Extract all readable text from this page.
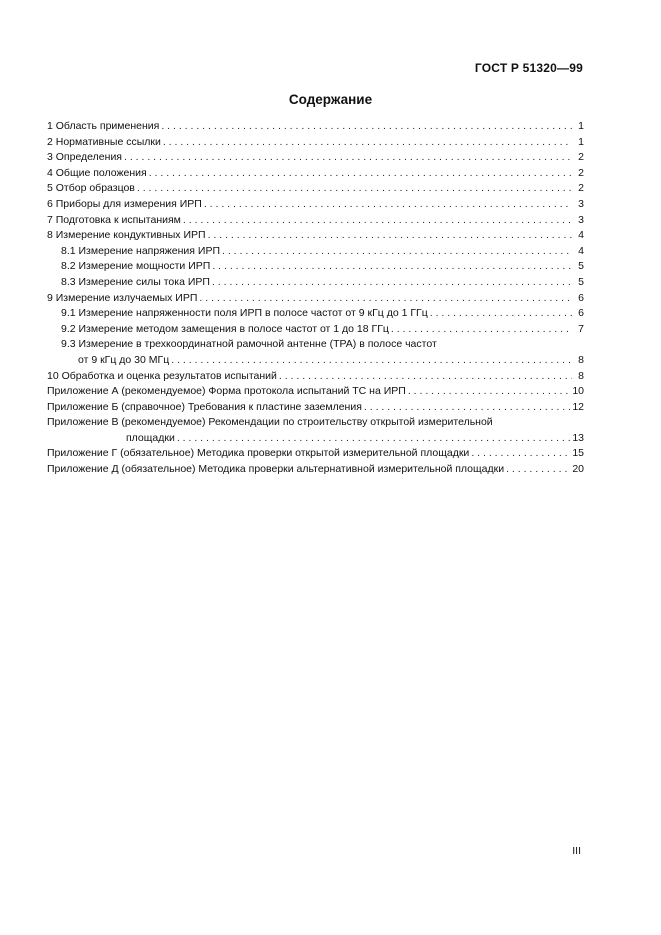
ГОСТ Р 51320—99
Содержание
1 Область применения . . .	1
2 Нормативные ссылки . . .	1
3 Определения . . .	2
4 Общие положения . . .	2
5 Отбор образцов . . .	2
6 Приборы для измерения ИРП . . .	3
7 Подготовка к испытаниям . . .	3
8 Измерение кондуктивных ИРП . . .	4
8.1 Измерение напряжения ИРП . . .	4
8.2 Измерение мощности ИРП . . .	5
8.3 Измерение силы тока ИРП . . .	5
9 Измерение излучаемых ИРП . . .	6
9.1 Измерение напряженности поля ИРП в полосе частот от 9 кГц до 1 ГГц . . .	6
9.2 Измерение методом замещения в полосе частот от 1 до 18 ГГц . . .	7
9.3 Измерение в трехкоординатной рамочной антенне (ТРА) в полосе частот
от 9 кГц до 30 МГц . . .	8
10 Обработка и оценка результатов испытаний . . .	8
Приложение А (рекомендуемое) Форма протокола испытаний ТС на ИРП . . .	10
Приложение Б (справочное) Требования к пластине заземления . . .	12
Приложение В (рекомендуемое) Рекомендации по строительству открытой измерительной
площадки . . .	13
Приложение Г (обязательное) Методика проверки открытой измерительной площадки . . .	15
Приложение Д (обязательное) Методика проверки альтернативной измерительной площадки . . .	20
III
